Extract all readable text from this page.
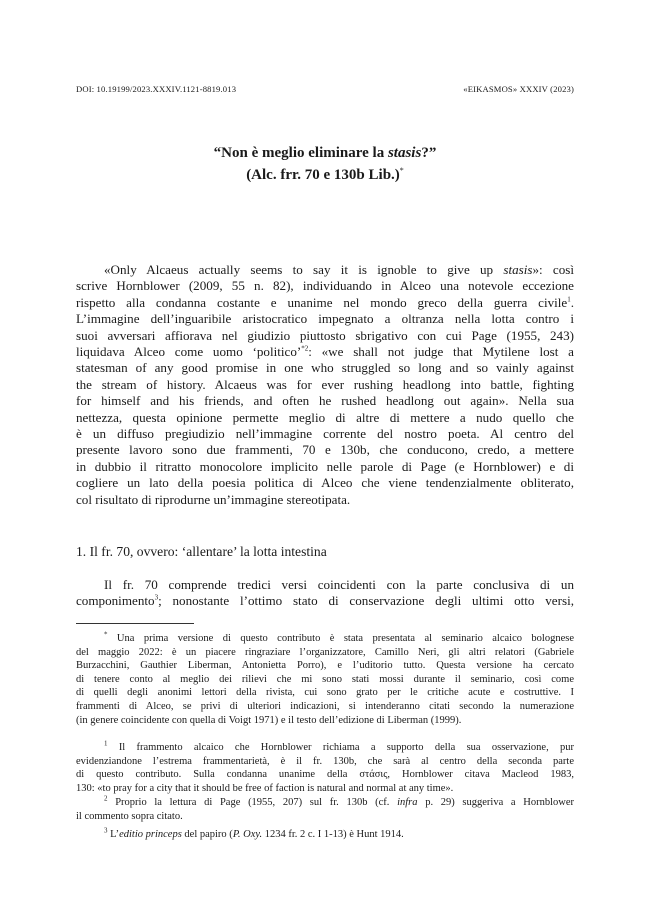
DOI: 10.19199/2023.XXXIV.1121-8819.013	«EIKASMOS» XXXIV (2023)
“Non è meglio eliminare la stasis?”
(Alc. frr. 70 e 130b Lib.)*
«Only Alcaeus actually seems to say it is ignoble to give up stasis»: così
scrive Hornblower (2009, 55 n. 82), individuando in Alceo una notevole eccezione
rispetto alla condanna costante e unanime nel mondo greco della guerra civile$^1$.
L’immagine dell’inguaribile aristocratico impegnato a oltranza nella lotta contro i
suoi avversari affiorava nel giudizio piuttosto sbrigativo con cui Page (1955, 243)
liquidava Alceo come uomo ‘politico’$^{*2}$: «we shall not judge that Mytilene lost a
statesman of any good promise in one who struggled so long and so vainly against
the stream of history. Alcaeus was for ever rushing headlong into battle, fighting
for himself and his friends, and often he rushed headlong out again». Nella sua
nettezza, questa opinione permette meglio di altre di mettere a nudo quello che
è un diffuso pregiudizio nell’immagine corrente del nostro poeta. Al centro del
presente lavoro sono due frammenti, 70 e 130b, che conducono, credo, a mettere
in dubbio il ritratto monocolore implicito nelle parole di Page (e Hornblower) e di
cogliere un lato della poesia politica di Alceo che viene tendenzialmente obliterato,
col risultato di riprodurne un’immagine stereotipata.
1. Il fr. 70, ovvero: ‘allentare’ la lotta intestina
Il fr. 70 comprende tredici versi coincidenti con la parte conclusiva di un
componimento$^3$; nonostante l’ottimo stato di conservazione degli ultimi otto versi,
* Una prima versione di questo contributo è stata presentata al seminario alcaico bolognese
del maggio 2022: è un piacere ringraziare l’organizzatore, Camillo Neri, gli altri relatori (Gabriele
Burzacchini, Gauthier Liberman, Antonietta Porro), e l’uditorio tutto. Questa versione ha cercato
di tenere conto al meglio dei rilievi che mi sono stati mossi durante il seminario, così come
di quelli degli anonimi lettori della rivista, cui sono grato per le critiche acute e costruttive. I
frammenti di Alceo, se privi di ulteriori indicazioni, si intenderanno citati secondo la numerazione
(in genere coincidente con quella di Voigt 1971) e il testo dell’edizione di Liberman (1999).
$^1$ Il frammento alcaico che Hornblower richiama a supporto della sua osservazione, pur
evidenziandone l’estrema frammentarietà, è il fr. 130b, che sarà al centro della seconda parte
di questo contributo. Sulla condanna unanime della στάσις, Hornblower citava Macleod 1983,
130: «to pray for a city that it should be free of faction is natural and normal at any time».
$^2$ Proprio la lettura di Page (1955, 207) sul fr. 130b (cf. infra p. 29) suggeriva a Hornblower
il commento sopra citato.
$^3$ L’editio princeps del papiro (P. Oxy. 1234 fr. 2 c. I 1-13) è Hunt 1914.
